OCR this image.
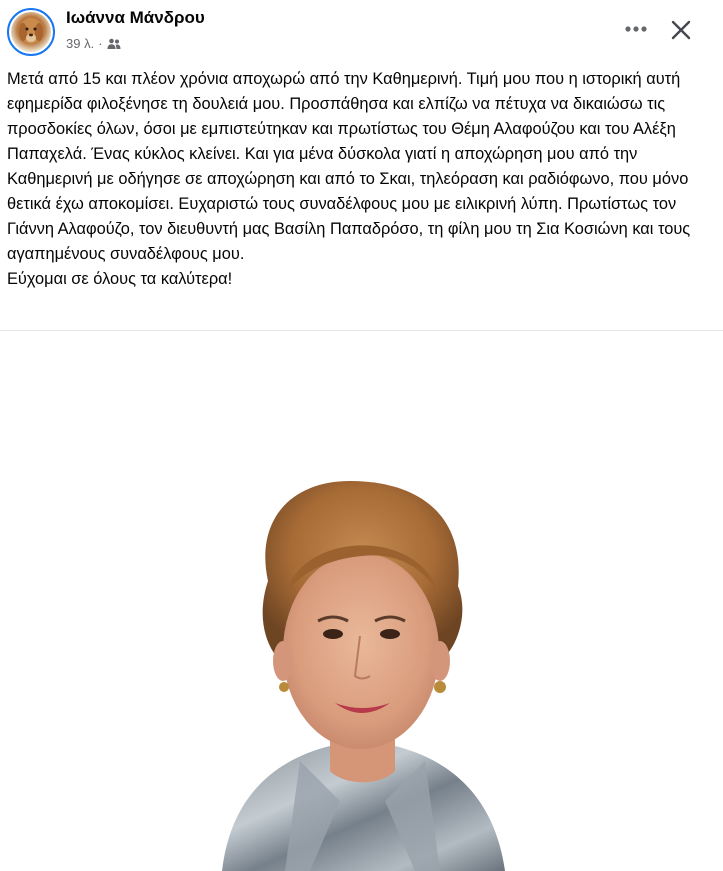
Ιωάννα Μάνδρου
39 λ. ·
Μετά από 15 και πλέον χρόνια αποχωρώ από την Καθημερινή. Τιμή μου που η ιστορική αυτή εφημερίδα φιλοξένησε τη δουλειά μου. Προσπάθησα και ελπίζω να πέτυχα να δικαιώσω τις προσδοκίες όλων, όσοι με εμπιστεύτηκαν και πρωτίστως του Θέμη Αλαφούζου και του Αλέξη Παπαχελά. Ένας κύκλος κλείνει. Και για μένα δύσκολα γιατί η αποχώρηση μου από την Καθημερινή με οδήγησε σε αποχώρηση και από το Σκαι, τηλεόραση και ραδιόφωνο, που μόνο θετικά έχω αποκομίσει. Ευχαριστώ τους συναδέλφους μου με ειλικρινή λύπη. Πρωτίστως τον Γιάννη Αλαφούζο, τον διευθυντή μας Βασίλη Παπαδρόσο, τη φίλη μου τη Σια Κοσιώνη και τους αγαπημένους συναδέλφους μου.
Εύχομαι σε όλους τα καλύτερα!
